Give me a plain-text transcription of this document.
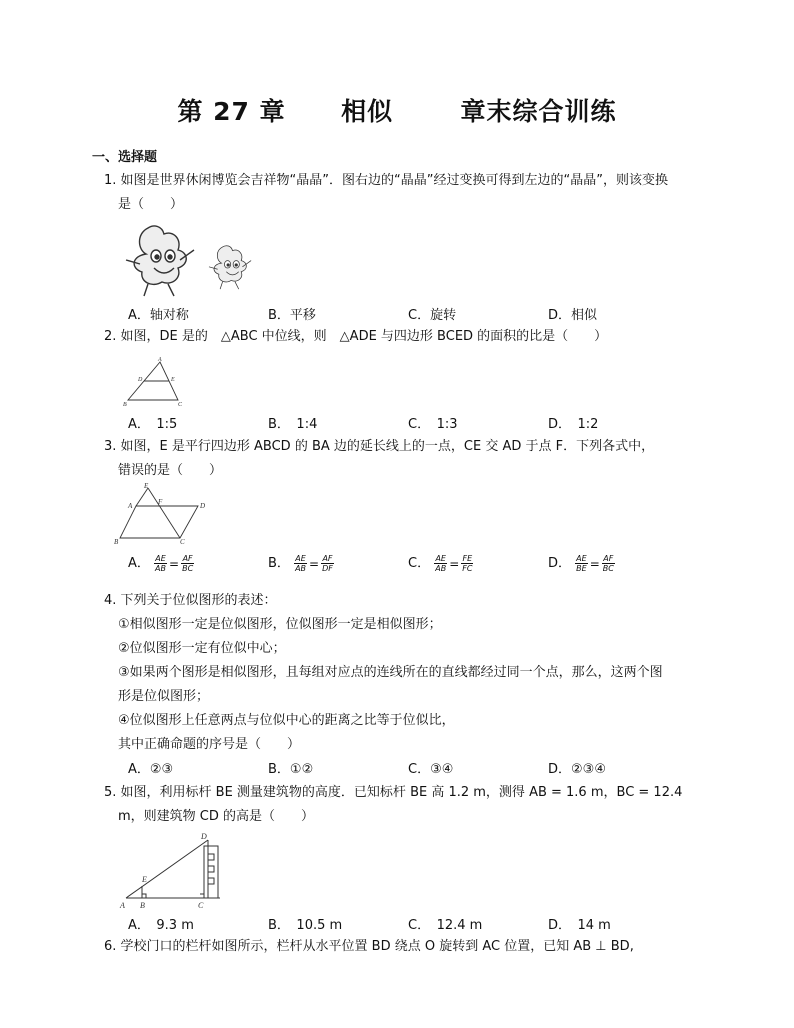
第 27 章 相似	章末综合训练
一、选择题
1. 如图是世界休闲博览会吉祥物“晶晶”．图右边的“晶晶”经过变换可得到左边的“晶晶”，则该变换
是（　　）
A．轴对称	B．平移	C．旋转	D．相似
2. 如图，DE 是的　△ABC 中位线，则　△ADE 与四边形 BCED 的面积的比是（　　）
A
D	E
B	C
A．　1:5	B．　1:4	C．　1:3	D．　1:2
3. 如图，E 是平行四边形 ABCD 的 BA 边的延长线上的一点，CE 交 AD 于点 F．下列各式中，
错误的是（　　）
E
A	F	D
B	C
A． $\frac{AE}{AB} = \frac{AF}{BC}$	B． $\frac{AE}{AB} = \frac{AF}{DF}$	C． $\frac{AE}{AB} = \frac{FE}{FC}$	D． $\frac{AE}{BE} = \frac{AF}{BC}$
4. 下列关于位似图形的表述：
①相似图形一定是位似图形，位似图形一定是相似图形；
②位似图形一定有位似中心；
③如果两个图形是相似图形，且每组对应点的连线所在的直线都经过同一个点，那么，这两个图
形是位似图形；
④位似图形上任意两点与位似中心的距离之比等于位似比，
其中正确命题的序号是（　　）
A．②③	B．①②	C．③④	D．②③④
5. 如图，利用标杆 BE 测量建筑物的高度．已知标杆 BE 高 1.2 m，测得 AB = 1.6 m，BC = 12.4
m，则建筑物 CD 的高是（　　）
D
E
A B	C
A．　9.3 m	B．　10.5 m	C．　12.4 m	D．　14 m
6. 学校门口的栏杆如图所示，栏杆从水平位置 BD 绕点 O 旋转到 AC 位置，已知 AB ⊥ BD,
